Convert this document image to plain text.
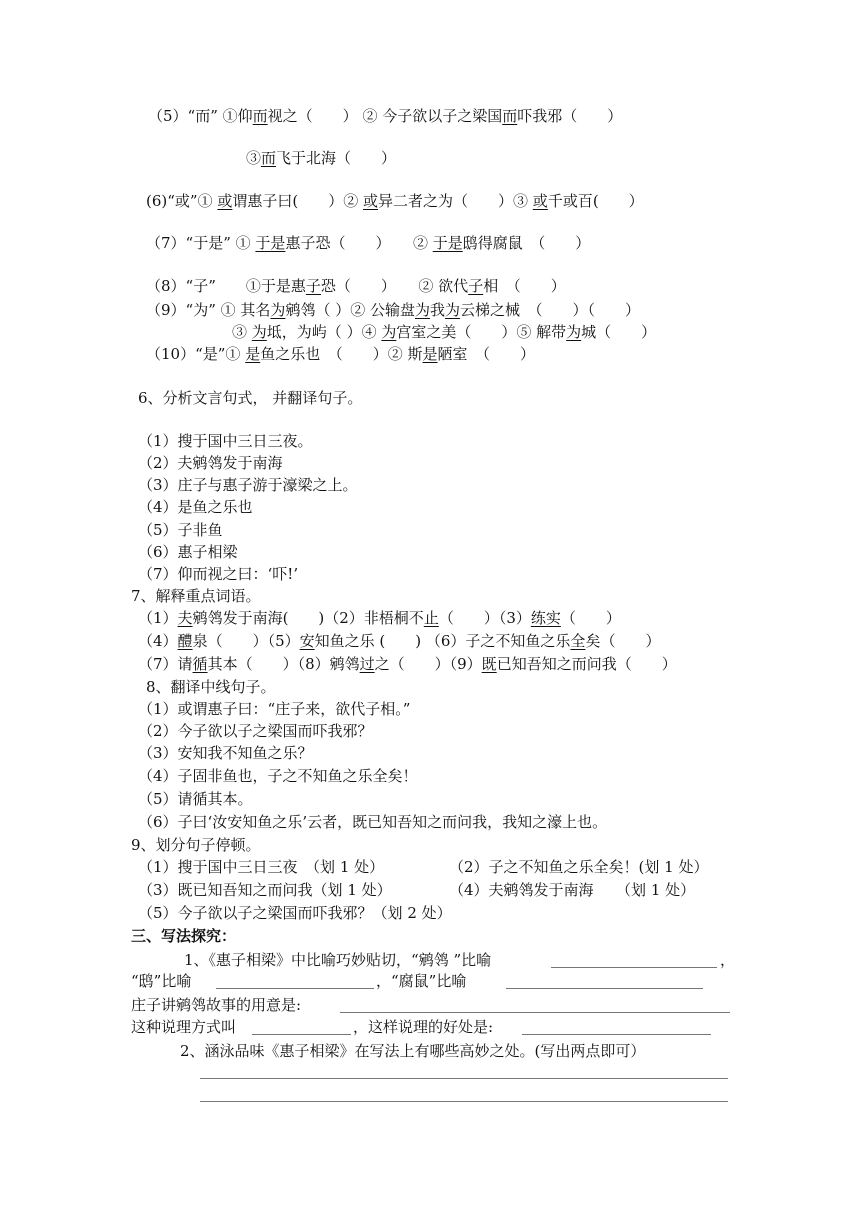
（5）“而” ①仰而视之（　　） ② 今子欲以子之梁国而吓我邪（　　）
③而飞于北海（　　）
(6)“或”① 或谓惠子曰(　　）② 或异二者之为（　　）③ 或千或百(　　）
（7）“于是” ① 于是惠子恐（　　）　　② 于是鸱得腐鼠　（　　）
（8）“子”　　①于是惠子恐（　　）　　② 欲代子相　（　　）
（9）“为” ① 其名为鹓鸰（ ）② 公输盘为我为云梯之械　（　　）（　　）
③ 为坻，为屿（ ）④ 为宫室之美（　　）⑤ 解带为城（　　）
（10）“是”① 是鱼之乐也　（　　）② 斯是陋室　（　　）
6、分析文言句式， 并翻译句子。
（1）搜于国中三日三夜。
（2）夫鹓鸰发于南海
（3）庄子与惠子游于濠梁之上。
（4）是鱼之乐也
（5）子非鱼
（6）惠子相梁
（7）仰而视之曰：‘吓!’
7、解释重点词语。
（1）夫鹓鸰发于南海(　　)（2）非梧桐不止（　　）（3）练实（　　）
（4）醴泉（　　）（5）安知鱼之乐 (　　) （6）子之不知鱼之乐全矣（　　）
（7）请循其本（　　）（8）鹓鸰过之（　　）（9）既已知吾知之而问我（　　）
8、翻译中线句子。
（1）或谓惠子曰：“庄子来，欲代子相。”
（2）今子欲以子之梁国而吓我邪？
（3）安知我不知鱼之乐？
（4）子固非鱼也，子之不知鱼之乐全矣！
（5）请循其本。
（6）子曰‘汝安知鱼之乐’云者，既已知吾知之而问我，我知之濠上也。
9、划分句子停顿。
（1）搜于国中三日三夜　（划 1 处）	（2）子之不知鱼之乐全矣！(划 1 处）
（3）既已知吾知之而问我（划 1 处）	（4）夫鹓鸰发于南海　　（划 1 处）
（5）今子欲以子之梁国而吓我邪？（划 2 处）
三、写法探究：
1、《惠子相梁》中比喻巧妙贴切，“鹓鸰 ”比喻	，
“鸱”比喻	，“腐鼠”比喻
庄子讲鹓鸰故事的用意是:
这种说理方式叫	，这样说理的好处是:
2、涵泳品味《惠子相梁》在写法上有哪些高妙之处。(写出两点即可）
